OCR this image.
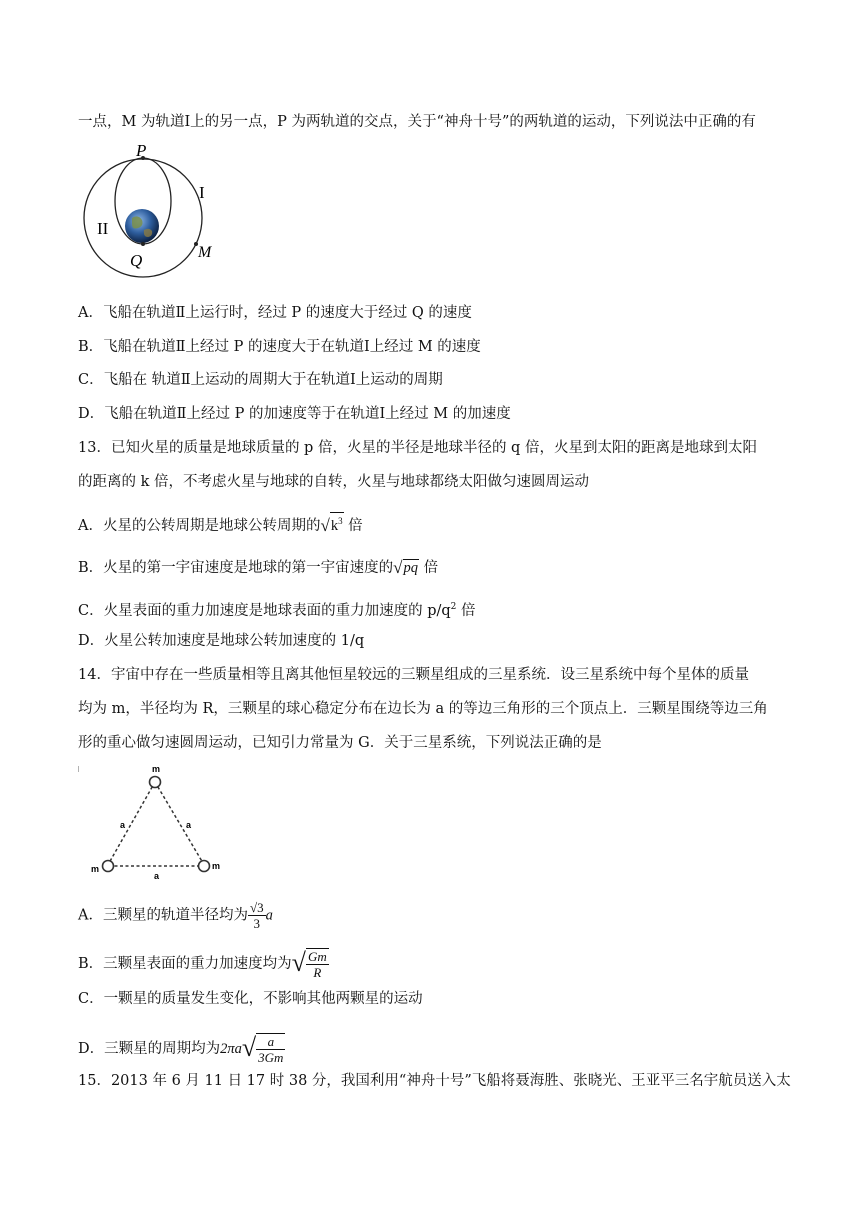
一点，M 为轨道Ⅰ上的另一点，P 为两轨道的交点，关于“神舟十号”的两轨道的运动，下列说法中正确的有
P
Q	M
I
II
A．飞船在轨道Ⅱ上运行时，经过 P 的速度大于经过 Q 的速度
B．飞船在轨道Ⅱ上经过 P 的速度大于在轨道Ⅰ上经过 M 的速度
C．飞船在 轨道Ⅱ上运动的周期大于在轨道Ⅰ上运动的周期
D．飞船在轨道Ⅱ上经过 P 的加速度等于在轨道Ⅰ上经过 M 的加速度
13．已知火星的质量是地球质量的 p 倍，火星的半径是地球半径的 q 倍，火星到太阳的距离是地球到太阳
的距离的 k 倍，不考虑火星与地球的自转，火星与地球都绕太阳做匀速圆周运动
A．火星的公转周期是地球公转周期的$√k^3$ 倍
B．火星的第一宇宙速度是地球的第一宇宙速度的√pq 倍
C．火星表面的重力加速度是地球表面的重力加速度的 $p/q^2$ 倍
D．火星公转加速度是地球公转加速度的 1/q
14．宇宙中存在一些质量相等且离其他恒星较远的三颗星组成的三星系统．设三星系统中每个星体的质量
均为 m，半径均为 R，三颗星的球心稳定分布在边长为 a 的等边三角形的三个顶点上．三颗星围绕等边三角
形的重心做匀速圆周运动，已知引力常量为 G．关于三星系统，下列说法正确的是
m
m	m
a	a
a
A．三颗星的轨道半径均为 $\frac{√3}{3}$ a
B．三颗星表面的重力加速度均为√ $\frac{Gm}{R}$
C．一颗星的质量发生变化，不影响其他两颗星的运动
D．三颗星的周期均为$2\pi a√ \frac{a}{3Gm}$
15．2013 年 6 月 11 日 17 时 38 分，我国利用“神舟十号”飞船将聂海胜、张晓光、王亚平三名宇航员送入太
